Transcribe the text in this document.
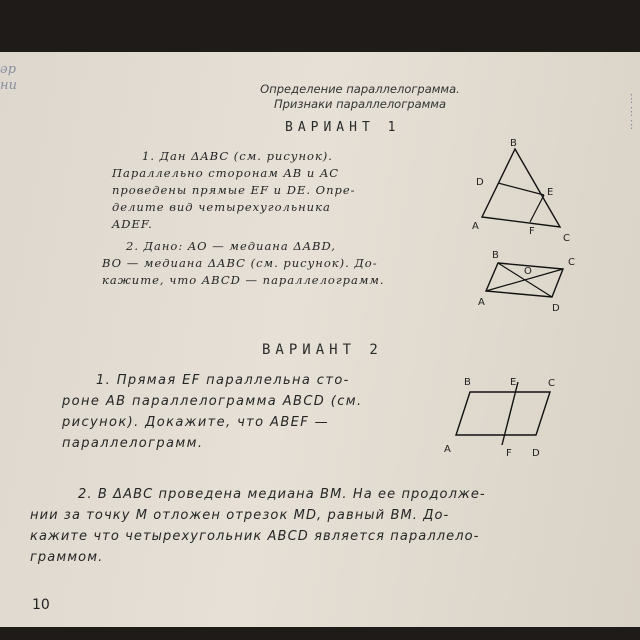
ǝр
ни
⋮
⋮
⋮
Определение параллелограмма.
Признаки параллелограмма
ВАРИАНТ 1
1. Дан ΔABC (см. рисунок).
Параллельно сторонам AB и AC
проведены прямые EF и DE. Опре-
делите вид четырехугольника
ADEF.
B
D
E
A	F
C
2. Дано: AO — медиана ΔABD,
BO — медиана ΔABC (см. рисунок). До-
кажите, что ABCD — параллелограмм.
B
C
O
A
D
ВАРИАНТ 2
1. Прямая EF параллельна сто-
роне AB параллелограмма ABCD (см.
рисунок). Докажите, что ABEF —
параллелограмм.
B	E	C
A	F D
2. В ΔABC проведена медиана BM. На ее продолже-
нии за точку M отложен отрезок MD, равный BM. До-
кажите что четырехугольник ABCD является параллело-
граммом.
10
